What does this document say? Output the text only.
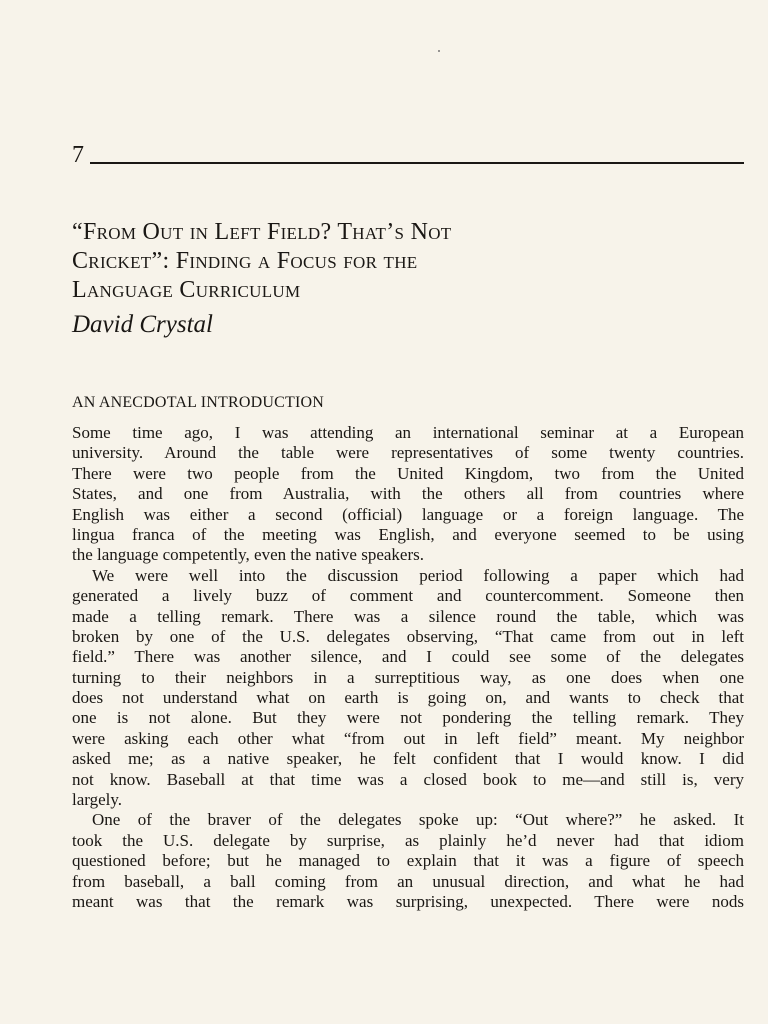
7
“From Out in Left Field? That’s Not
Cricket”: Finding a Focus for the
Language Curriculum
David Crystal
AN ANECDOTAL INTRODUCTION
Some time ago, I was attending an international seminar at a European
university. Around the table were representatives of some twenty countries.
There were two people from the United Kingdom, two from the United
States, and one from Australia, with the others all from countries where
English was either a second (official) language or a foreign language. The
lingua franca of the meeting was English, and everyone seemed to be using
the language competently, even the native speakers.
We were well into the discussion period following a paper which had
generated a lively buzz of comment and countercomment. Someone then
made a telling remark. There was a silence round the table, which was
broken by one of the U.S. delegates observing, “That came from out in left
field.” There was another silence, and I could see some of the delegates
turning to their neighbors in a surreptitious way, as one does when one
does not understand what on earth is going on, and wants to check that
one is not alone. But they were not pondering the telling remark. They
were asking each other what “from out in left field” meant. My neighbor
asked me; as a native speaker, he felt confident that I would know. I did
not know. Baseball at that time was a closed book to me—and still is, very
largely.
One of the braver of the delegates spoke up: “Out where?” he asked. It
took the U.S. delegate by surprise, as plainly he’d never had that idiom
questioned before; but he managed to explain that it was a figure of speech
from baseball, a ball coming from an unusual direction, and what he had
meant was that the remark was surprising, unexpected. There were nods
